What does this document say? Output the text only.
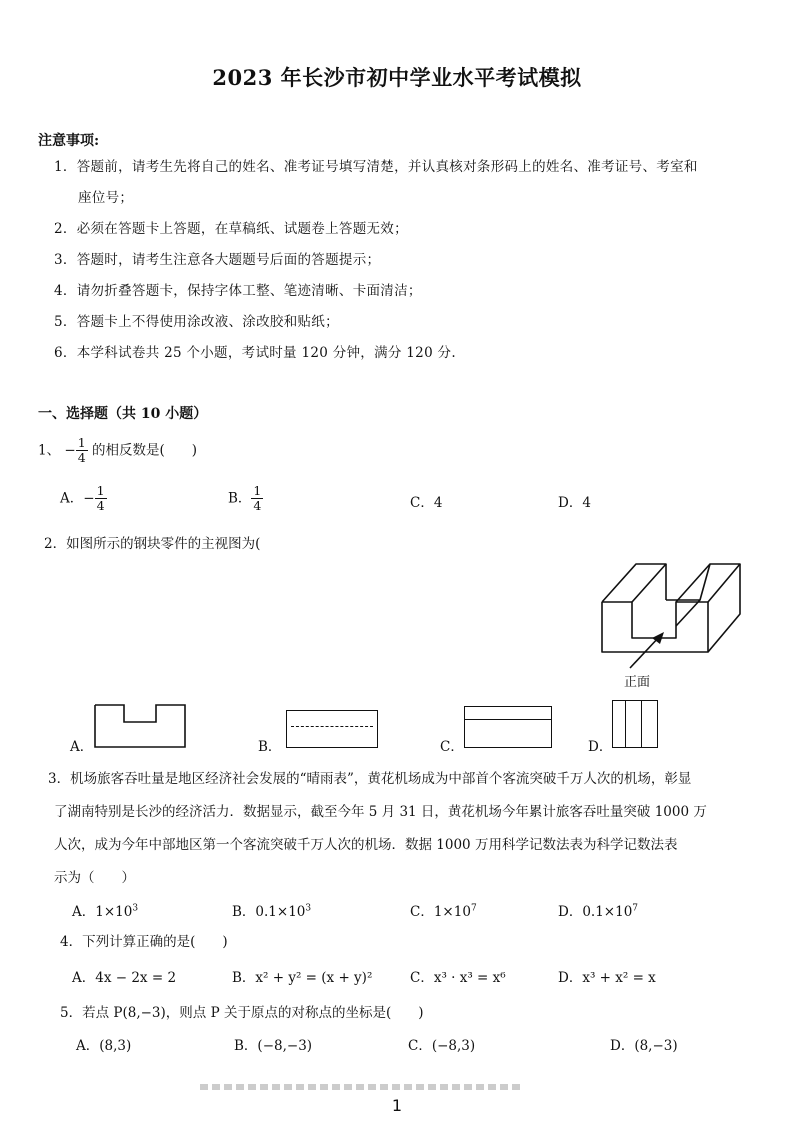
2023 年长沙市初中学业水平考试模拟
注意事项:
1．答题前，请考生先将自己的姓名、准考证号填写清楚，并认真核对条形码上的姓名、准考证号、考室和
座位号；
2．必须在答题卡上答题，在草稿纸、试题卷上答题无效；
3．答题时，请考生注意各大题题号后面的答题提示；
4．请勿折叠答题卡，保持字体工整、笔迹清晰、卡面清洁；
5．答题卡上不得使用涂改液、涂改胶和贴纸；
6．本学科试卷共 25 个小题，考试时量 120 分钟，满分 120 分.
一、选择题（共 10 小题）
1、 − $\frac{1}{4}$ 的相反数是(　　)
A．− $\frac{1}{4}$	B． $\frac{1}{4}$	C．4	D．4
2．如图所示的钢块零件的主视图为(
正面
A．	B．	C．	D．
3．机场旅客吞吐量是地区经济社会发展的“晴雨表”，黄花机场成为中部首个客流突破千万人次的机场，彰显
了湖南特别是长沙的经济活力．数据显示，截至今年 5 月 31 日，黄花机场今年累计旅客吞吐量突破 1000 万
人次，成为今年中部地区第一个客流突破千万人次的机场．数据 1000 万用科学记数法表为科学记数法表
示为（　　）
A．$1\times 10^3$	B．$0.1\times 10^3$	C．$1\times 10^7$	D．$0.1\times 10^7$
4．下列计算正确的是(　　)
A．4x − 2x = 2	B．x² + y² = (x + y)²	C．x³ · x³ = x⁶	D．x³ + x² = x
5．若点 P(8,−3)，则点 P 关于原点的对称点的坐标是(　　)
A．(8,3)	B．(−8,−3)	C．(−8,3)	D．(8,−3)
1
